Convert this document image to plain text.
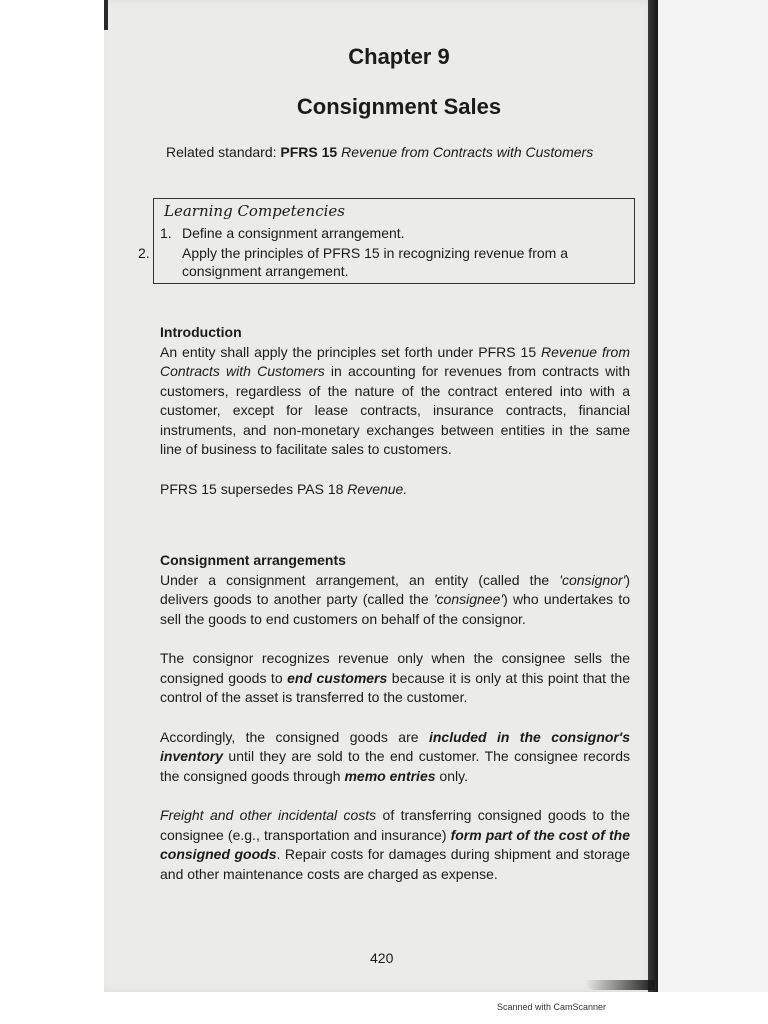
Chapter 9
Consignment Sales
Related standard: PFRS 15 Revenue from Contracts with Customers
Learning Competencies
1. Define a consignment arrangement.
2. Apply the principles of PFRS 15 in recognizing revenue from a consignment arrangement.
Introduction

An entity shall apply the principles set forth under PFRS 15 Revenue from Contracts with Customers in accounting for revenues from contracts with customers, regardless of the nature of the contract entered into with a customer, except for lease contracts, insurance contracts, financial instruments, and non-monetary exchanges between entities in the same line of business to facilitate sales to customers.

PFRS 15 supersedes PAS 18 Revenue.

Consignment arrangements

Under a consignment arrangement, an entity (called the 'consignor') delivers goods to another party (called the 'consignee') who undertakes to sell the goods to end customers on behalf of the consignor.

The consignor recognizes revenue only when the consignee sells the consigned goods to end customers because it is only at this point that the control of the asset is transferred to the customer.

Accordingly, the consigned goods are included in the consignor's inventory until they are sold to the end customer. The consignee records the consigned goods through memo entries only.

Freight and other incidental costs of transferring consigned goods to the consignee (e.g., transportation and insurance) form part of the cost of the consigned goods. Repair costs for damages during shipment and storage and other maintenance costs are charged as expense.

420
Scanned with CamScanner
